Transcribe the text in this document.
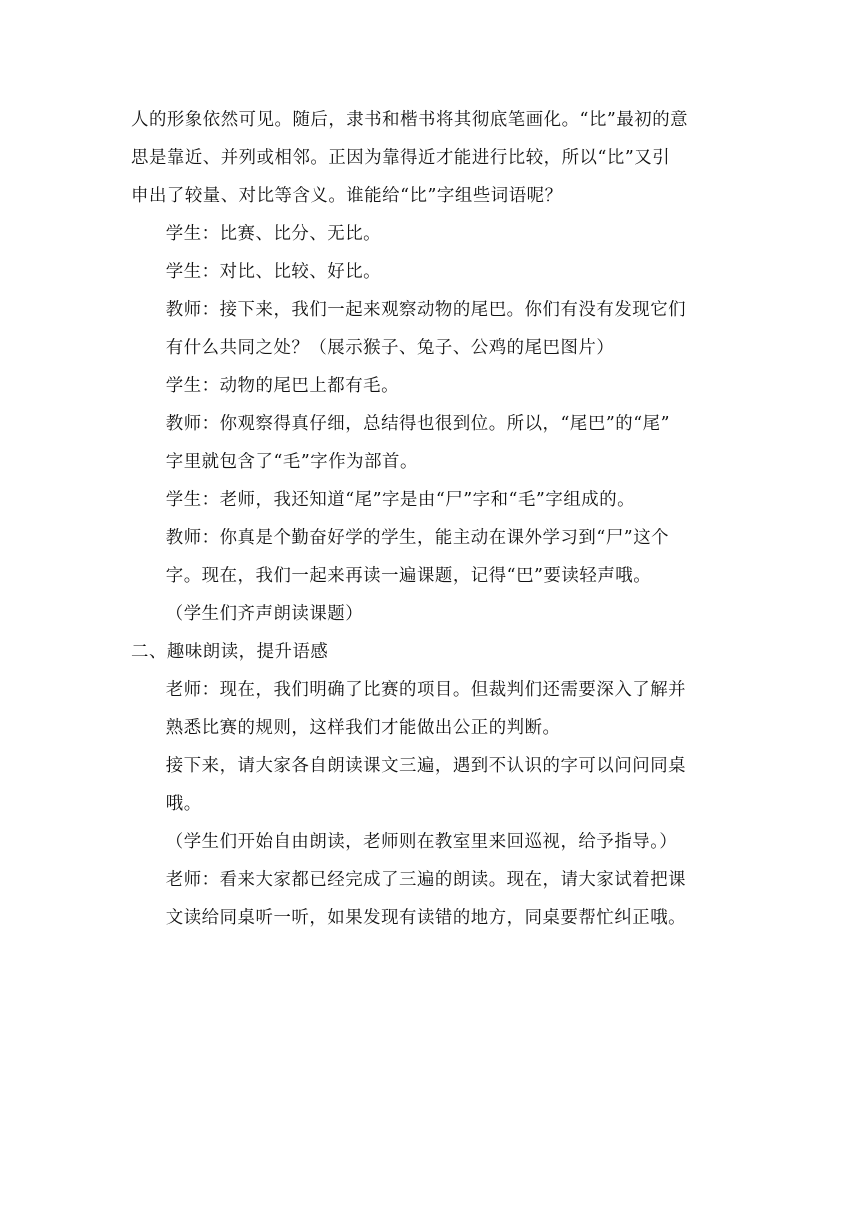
人的形象依然可见。随后，隶书和楷书将其彻底笔画化。“比”最初的意
思是靠近、并列或相邻。正因为靠得近才能进行比较，所以“比”又引
申出了较量、对比等含义。谁能给“比”字组些词语呢？
学生：比赛、比分、无比。
学生：对比、比较、好比。
教师：接下来，我们一起来观察动物的尾巴。你们有没有发现它们
有什么共同之处？（展示猴子、兔子、公鸡的尾巴图片）
学生：动物的尾巴上都有毛。
教师：你观察得真仔细，总结得也很到位。所以，“尾巴”的“尾”
字里就包含了“毛”字作为部首。
学生：老师，我还知道“尾”字是由“尸”字和“毛”字组成的。
教师：你真是个勤奋好学的学生，能主动在课外学习到“尸”这个
字。现在，我们一起来再读一遍课题，记得“巴”要读轻声哦。
（学生们齐声朗读课题）
二、趣味朗读，提升语感
老师：现在，我们明确了比赛的项目。但裁判们还需要深入了解并
熟悉比赛的规则，这样我们才能做出公正的判断。
接下来，请大家各自朗读课文三遍，遇到不认识的字可以问问同桌
哦。
（学生们开始自由朗读，老师则在教室里来回巡视，给予指导。）
老师：看来大家都已经完成了三遍的朗读。现在，请大家试着把课
文读给同桌听一听，如果发现有读错的地方，同桌要帮忙纠正哦。
